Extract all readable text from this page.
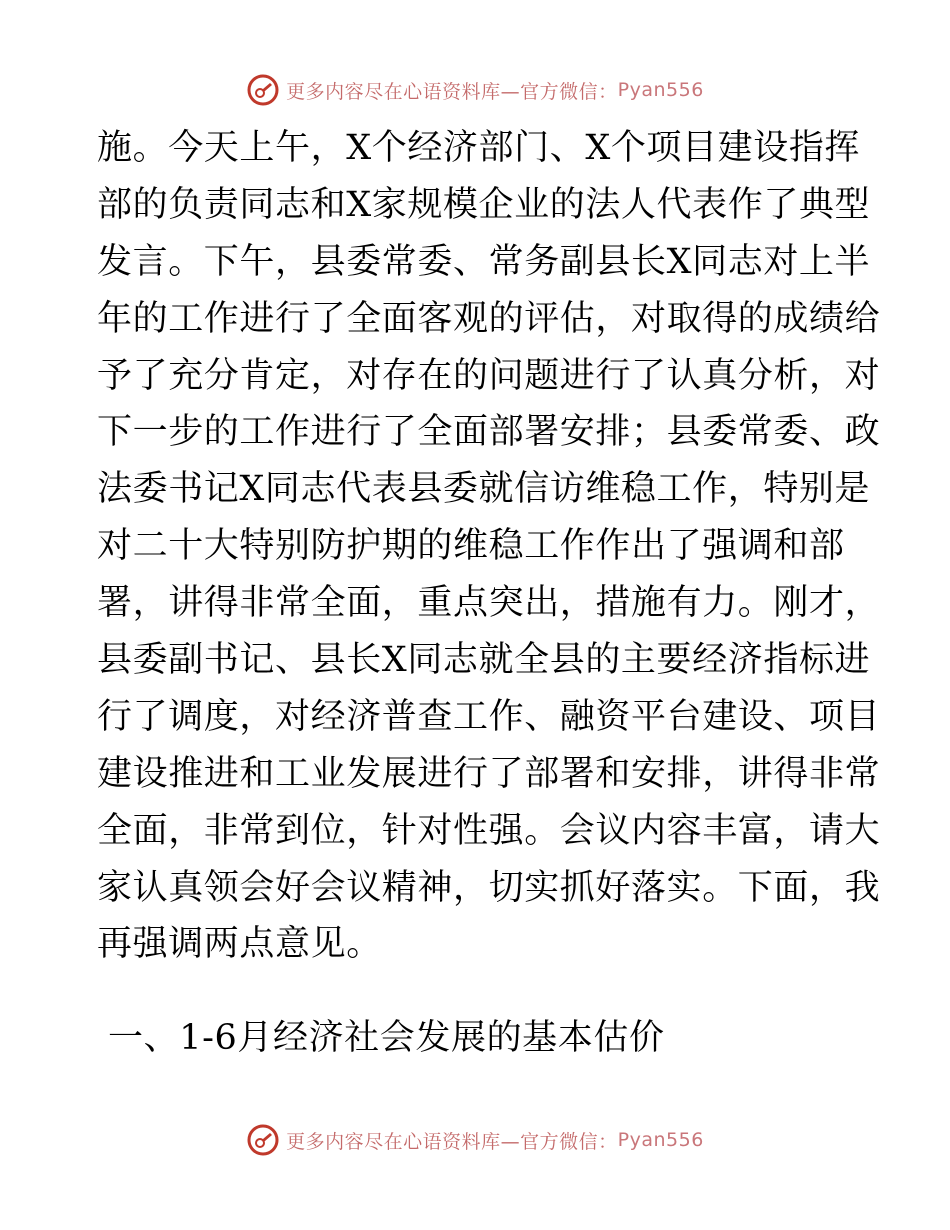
更多内容尽在心语资料库—官方微信： Pyan556
施。今天上午，X个经济部门、X个项目建设指挥
部的负责同志和X家规模企业的法人代表作了典型
发言。下午，县委常委、常务副县长X同志对上半
年的工作进行了全面客观的评估，对取得的成绩给
予了充分肯定，对存在的问题进行了认真分析，对
下一步的工作进行了全面部署安排；县委常委、政
法委书记X同志代表县委就信访维稳工作，特别是
对二十大特别防护期的维稳工作作出了强调和部
署，讲得非常全面，重点突出，措施有力。刚才，
县委副书记、县长X同志就全县的主要经济指标进
行了调度，对经济普查工作、融资平台建设、项目
建设推进和工业发展进行了部署和安排，讲得非常
全面，非常到位，针对性强。会议内容丰富，请大
家认真领会好会议精神，切实抓好落实。下面，我
再强调两点意见。
一、1-6月经济社会发展的基本估价
更多内容尽在心语资料库—官方微信： Pyan556
